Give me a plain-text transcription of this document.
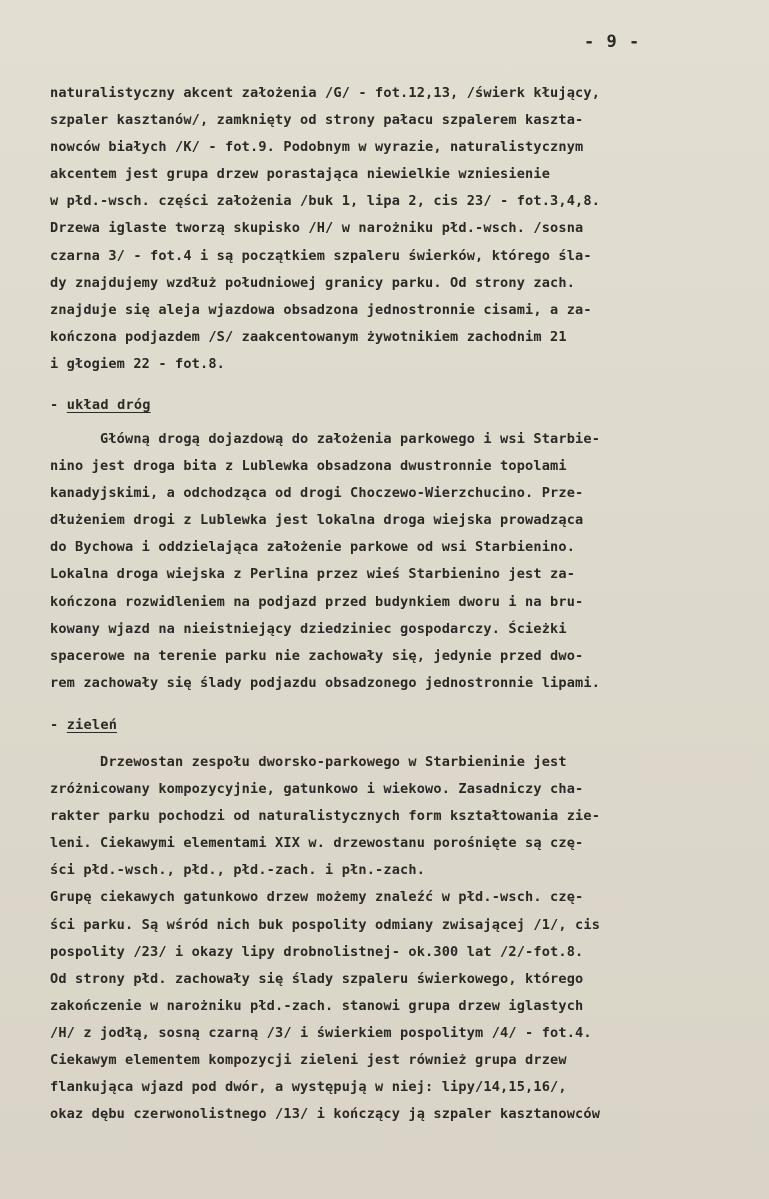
- 9 -
naturalistyczny akcent założenia /G/ - fot.12,13, /świerk kłujący,
szpaler kasztanów/, zamknięty od strony pałacu szpalerem kaszta-
nowców białych /K/ - fot.9. Podobnym w wyrazie, naturalistycznym
akcentem jest grupa drzew porastająca niewielkie wzniesienie
w płd.-wsch. części założenia /buk 1, lipa 2, cis 23/ - fot.3,4,8.
Drzewa iglaste tworzą skupisko /H/ w narożniku płd.-wsch. /sosna
czarna 3/ - fot.4 i są początkiem szpaleru świerków, którego śla-
dy znajdujemy wzdłuż południowej granicy parku. Od strony zach.
znajduje się aleja wjazdowa obsadzona jednostronnie cisami, a za-
kończona podjazdem /S/ zaakcentowanym żywotnikiem zachodnim 21
i głogiem 22 - fot.8.
- układ dróg
Główną drogą dojazdową do założenia parkowego i wsi Starbie-
nino jest droga bita z Lublewka obsadzona dwustronnie topolami
kanadyjskimi, a odchodząca od drogi Choczewo-Wierzchucino. Prze-
dłużeniem drogi z Lublewka jest lokalna droga wiejska prowadząca
do Bychowa i oddzielająca założenie parkowe od wsi Starbienino.
Lokalna droga wiejska z Perlina przez wieś Starbienino jest za-
kończona rozwidleniem na podjazd przed budynkiem dworu i na bru-
kowany wjazd na nieistniejący dziedziniec gospodarczy. Ścieżki
spacerowe na terenie parku nie zachowały się, jedynie przed dwo-
rem zachowały się ślady podjazdu obsadzonego jednostronnie lipami.
- zieleń
Drzewostan zespołu dworsko-parkowego w Starbieninie jest
zróżnicowany kompozycyjnie, gatunkowo i wiekowo. Zasadniczy cha-
rakter parku pochodzi od naturalistycznych form kształtowania zie-
leni. Ciekawymi elementami XIX w. drzewostanu porośnięte są czę-
ści płd.-wsch., płd., płd.-zach. i płn.-zach.
Grupę ciekawych gatunkowo drzew możemy znaleźć w płd.-wsch. czę-
ści parku. Są wśród nich buk pospolity odmiany zwisającej /1/, cis
pospolity /23/ i okazy lipy drobnolistnej- ok.300 lat /2/-fot.8.
Od strony płd. zachowały się ślady szpaleru świerkowego, którego
zakończenie w narożniku płd.-zach. stanowi grupa drzew iglastych
/H/ z jodłą, sosną czarną /3/ i świerkiem pospolitym /4/ - fot.4.
Ciekawym elementem kompozycji zieleni jest również grupa drzew
flankująca wjazd pod dwór, a występują w niej: lipy/14,15,16/,
okaz dębu czerwonolistnego /13/ i kończący ją szpaler kasztanowców
